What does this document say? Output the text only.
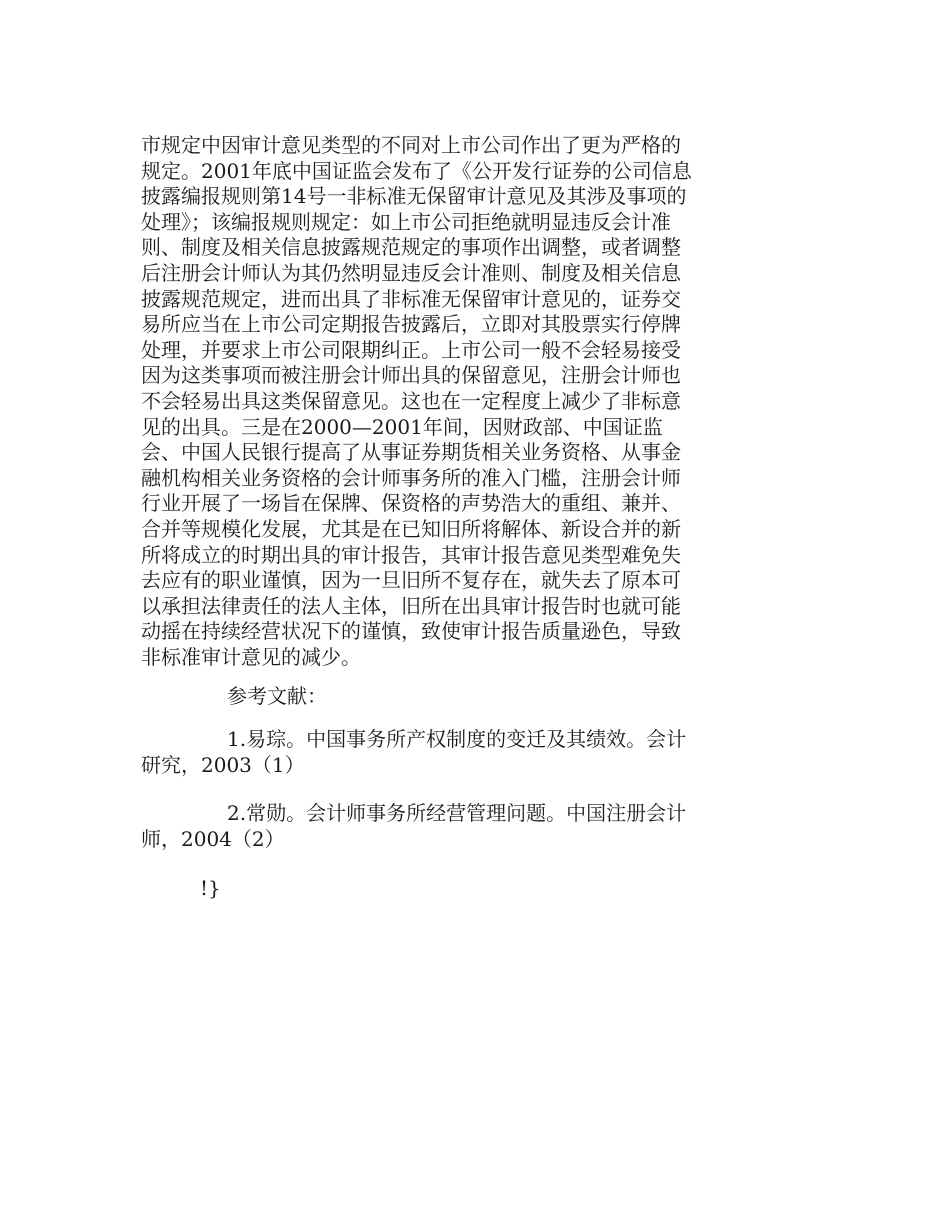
市规定中因审计意见类型的不同对上市公司作出了更为严格的
规定。2001年底中国证监会发布了《公开发行证券的公司信息
披露编报规则第14号一非标准无保留审计意见及其涉及事项的
处理》；该编报规则规定：如上市公司拒绝就明显违反会计准
则、制度及相关信息披露规范规定的事项作出调整，或者调整
后注册会计师认为其仍然明显违反会计准则、制度及相关信息
披露规范规定，进而出具了非标准无保留审计意见的，证券交
易所应当在上市公司定期报告披露后，立即对其股票实行停牌
处理，并要求上市公司限期纠正。上市公司一般不会轻易接受
因为这类事项而被注册会计师出具的保留意见，注册会计师也
不会轻易出具这类保留意见。这也在一定程度上减少了非标意
见的出具。三是在2000—2001年间，因财政部、中国证监
会、中国人民银行提高了从事证券期货相关业务资格、从事金
融机构相关业务资格的会计师事务所的准入门槛，注册会计师
行业开展了一场旨在保牌、保资格的声势浩大的重组、兼并、
合并等规模化发展，尤其是在已知旧所将解体、新设合并的新
所将成立的时期出具的审计报告，其审计报告意见类型难免失
去应有的职业谨慎，因为一旦旧所不复存在，就失去了原本可
以承担法律责任的法人主体，旧所在出具审计报告时也就可能
动摇在持续经营状况下的谨慎，致使审计报告质量逊色，导致
非标准审计意见的减少。
参考文献：
1.易琮。中国事务所产权制度的变迁及其绩效。会计
研究，2003（1）
2.常勋。会计师事务所经营管理问题。中国注册会计
师，2004（2）
!}
